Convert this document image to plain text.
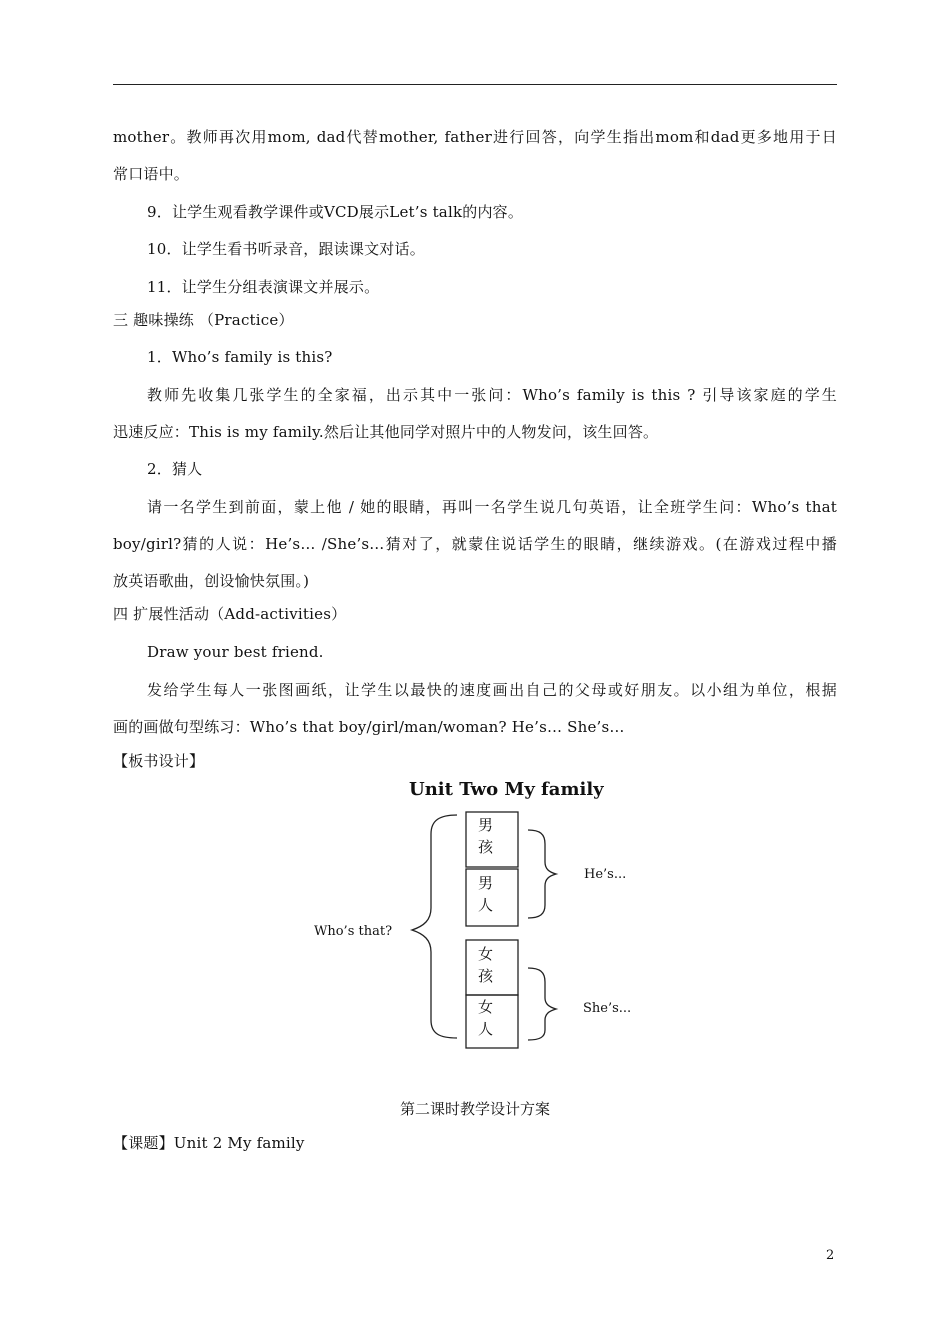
mother。教师再次用mom, dad代替mother, father进行回答，向学生指出mom和dad更多地用于日
常口语中。
9．让学生观看教学课件或VCD展示Let’s talk的内容。
10．让学生看书听录音，跟读课文对话。
11．让学生分组表演课文并展示。
三 趣味操练 （Practice）
1．Who’s family is this?
教师先收集几张学生的全家福，出示其中一张问：Who’s family is this ? 引导该家庭的学生
迅速反应：This is my family.然后让其他同学对照片中的人物发问，该生回答。
2．猜人
请一名学生到前面，蒙上他 / 她的眼睛，再叫一名学生说几句英语，让全班学生问：Who’s that
boy/girl?猜的人说：He’s… /She’s…猜对了，就蒙住说话学生的眼睛，继续游戏。(在游戏过程中播
放英语歌曲，创设愉快氛围。)
四 扩展性活动（Add-activities）
Draw your best friend.
发给学生每人一张图画纸，让学生以最快的速度画出自己的父母或好朋友。以小组为单位，根据
画的画做句型练习：Who’s that boy/girl/man/woman? He’s… She’s…
【板书设计】
Unit Two My family
Who’s that?
男
孩
男
人
女
孩
女
人
He’s...
She’s...
第二课时教学设计方案
【课题】Unit 2 My family
2
